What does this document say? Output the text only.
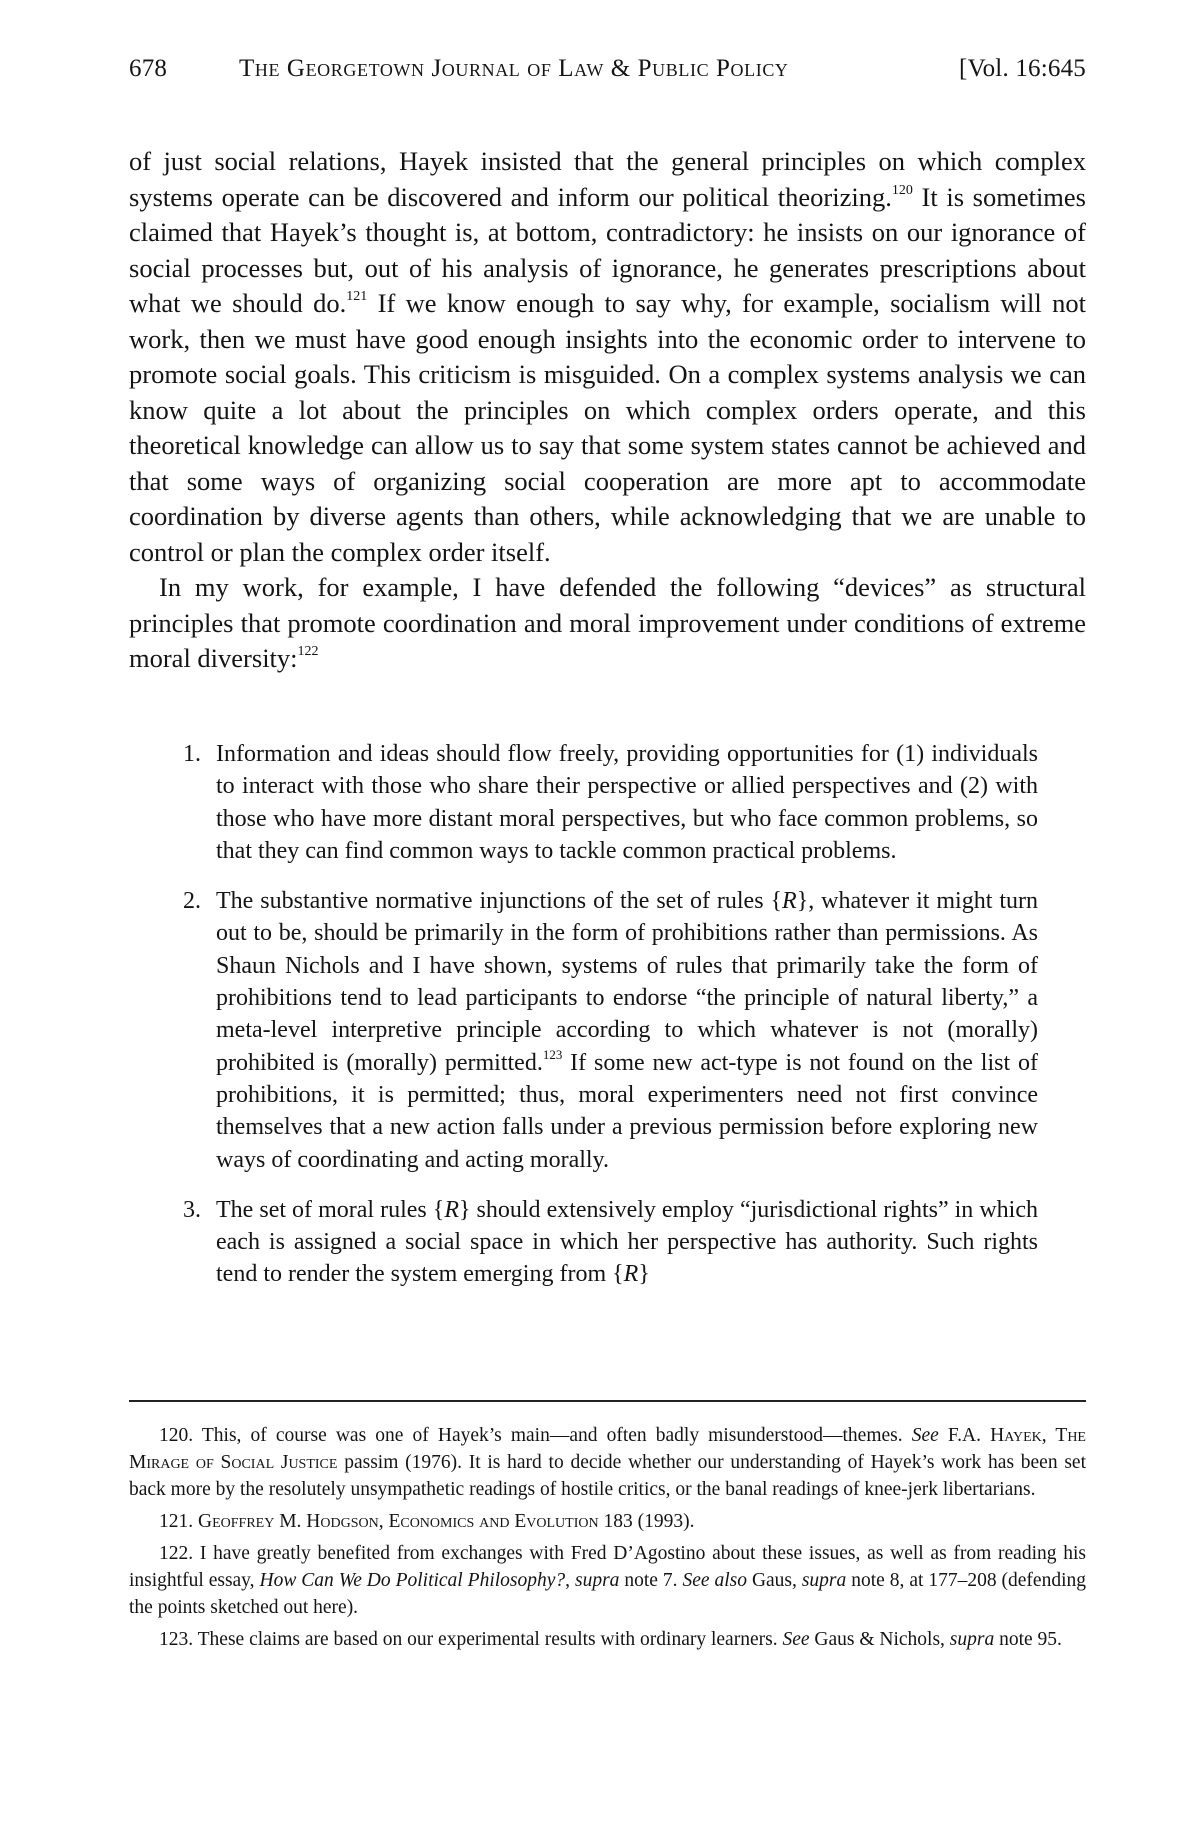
678	The Georgetown Journal of Law & Public Policy	[Vol. 16:645

of just social relations, Hayek insisted that the general principles on which complex systems operate can be discovered and inform our political theorizing.$^{120}$ It is sometimes claimed that Hayek’s thought is, at bottom, contradictory: he insists on our ignorance of social processes but, out of his analysis of ignorance, he generates prescriptions about what we should do.$^{121}$ If we know enough to say why, for example, socialism will not work, then we must have good enough insights into the economic order to intervene to promote social goals. This criticism is misguided. On a complex systems analysis we can know quite a lot about the principles on which complex orders operate, and this theoretical knowledge can allow us to say that some system states cannot be achieved and that some ways of organizing social cooperation are more apt to accommodate coordination by diverse agents than others, while acknowledging that we are unable to control or plan the complex order itself.

In my work, for example, I have defended the following “devices” as structural principles that promote coordination and moral improvement under conditions of extreme moral diversity:$^{122}$

1. Information and ideas should flow freely, providing opportunities for (1) individuals to interact with those who share their perspective or allied perspectives and (2) with those who have more distant moral perspectives, but who face common problems, so that they can find common ways to tackle common practical problems.
2. The substantive normative injunctions of the set of rules {R}, whatever it might turn out to be, should be primarily in the form of prohibitions rather than permissions. As Shaun Nichols and I have shown, systems of rules that primarily take the form of prohibitions tend to lead participants to endorse “the principle of natural liberty,” a meta-level interpretive principle according to which whatever is not (morally) prohibited is (morally) permitted.$^{123}$ If some new act-type is not found on the list of prohibitions, it is permitted; thus, moral experimenters need not first convince themselves that a new action falls under a previous permission before exploring new ways of coordinating and acting morally.
3. The set of moral rules {R} should extensively employ “jurisdictional rights” in which each is assigned a social space in which her perspective has authority. Such rights tend to render the system emerging from {R}

120. This, of course was one of Hayek’s main—and often badly misunderstood—themes. See F.A. Hayek, The Mirage of Social Justice passim (1976). It is hard to decide whether our understanding of Hayek’s work has been set back more by the resolutely unsympathetic readings of hostile critics, or the banal readings of knee-jerk libertarians.

121. Geoffrey M. Hodgson, Economics and Evolution 183 (1993).

122. I have greatly benefited from exchanges with Fred D’Agostino about these issues, as well as from reading his insightful essay, How Can We Do Political Philosophy?, supra note 7. See also Gaus, supra note 8, at 177–208 (defending the points sketched out here).

123. These claims are based on our experimental results with ordinary learners. See Gaus & Nichols, supra note 95.
